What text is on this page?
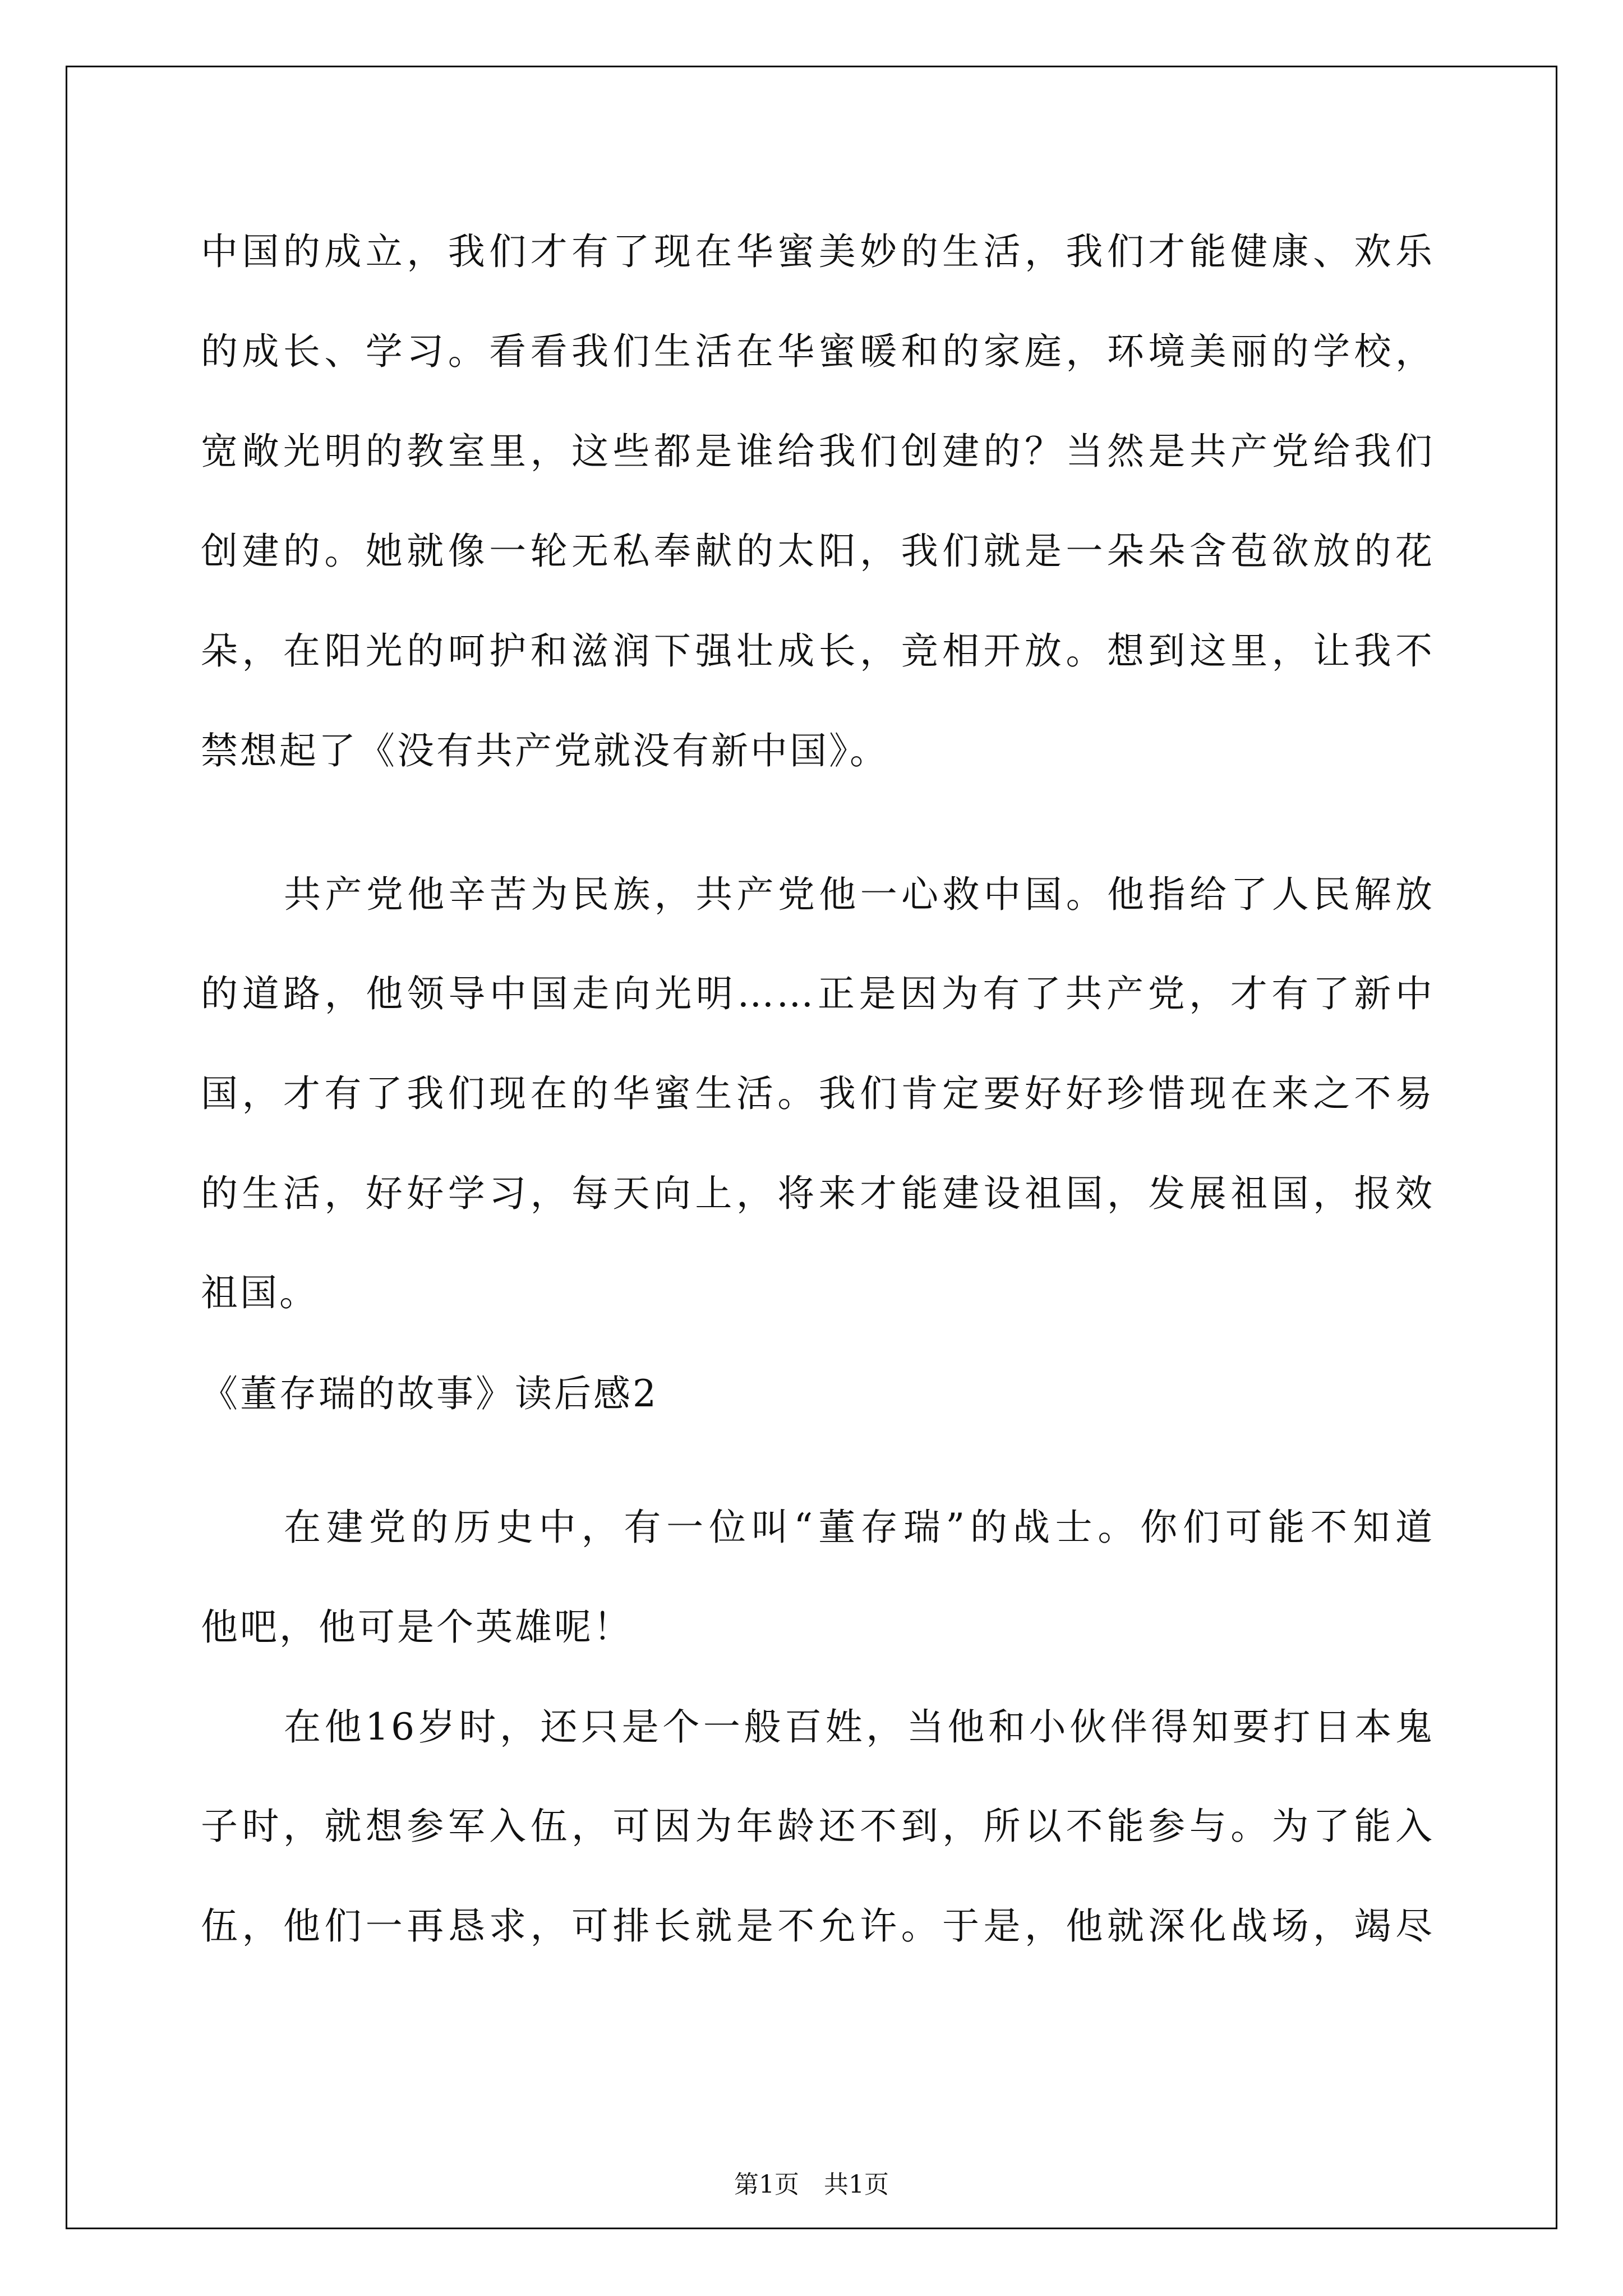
中国的成立，我们才有了现在华蜜美妙的生活，我们才能健康、欢乐
的成长、学习。看看我们生活在华蜜暖和的家庭，环境美丽的学校，
宽敞光明的教室里，这些都是谁给我们创建的？当然是共产党给我们
创建的。她就像一轮无私奉献的太阳，我们就是一朵朵含苞欲放的花
朵，在阳光的呵护和滋润下强壮成长，竞相开放。想到这里，让我不
禁想起了《没有共产党就没有新中国》。
共产党他辛苦为民族，共产党他一心救中国。他指给了人民解放
的道路，他领导中国走向光明……正是因为有了共产党，才有了新中
国，才有了我们现在的华蜜生活。我们肯定要好好珍惜现在来之不易
的生活，好好学习，每天向上，将来才能建设祖国，发展祖国，报效
祖国。
《董存瑞的故事》读后感2
在建党的历史中，有一位叫“董存瑞”的战士。你们可能不知道
他吧，他可是个英雄呢！
在他16岁时，还只是个一般百姓，当他和小伙伴得知要打日本鬼
子时，就想参军入伍，可因为年龄还不到，所以不能参与。为了能入
伍，他们一再恳求，可排长就是不允许。于是，他就深化战场，竭尽
第1页　共1页
